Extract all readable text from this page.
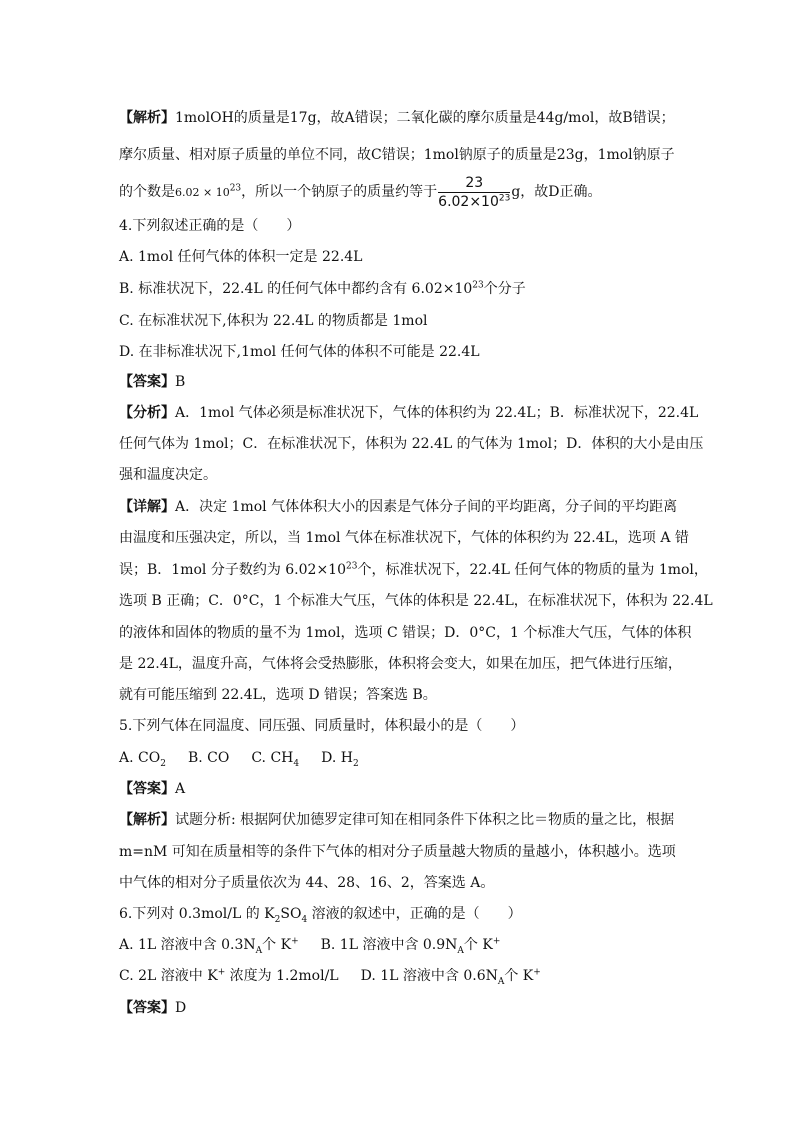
【解析】1molOH的质量是17g，故A错误；二氧化碳的摩尔质量是44g/mol，故B错误；
摩尔质量、相对原子质量的单位不同，故C错误；1mol钠原子的质量是23g，1mol钠原子
的个数是$6.02 \times 10^{23}$，所以一个钠原子的质量约等于 $\frac{23}{6.02\times 10^{23}}$ g，故D正确。
4.下列叙述正确的是（　　）
A. 1mol 任何气体的体积一定是 22.4L
B. 标准状况下，22.4L 的任何气体中都约含有 $6.02\times 10^{23}$个分子
C. 在标准状况下,体积为 22.4L 的物质都是 1mol
D. 在非标准状况下,1mol 任何气体的体积不可能是 22.4L
【答案】B
【分析】A．1mol 气体必须是标准状况下，气体的体积约为 22.4L；B．标准状况下，22.4L
任何气体为 1mol；C．在标准状况下，体积为 22.4L 的气体为 1mol；D．体积的大小是由压
强和温度决定。
【详解】A．决定 1mol 气体体积大小的因素是气体分子间的平均距离，分子间的平均距离
由温度和压强决定，所以，当 1mol 气体在标准状况下，气体的体积约为 22.4L，选项 A 错
误；B．1mol 分子数约为 $6.02\times 10^{23}$个，标准状况下，22.4L 任何气体的物质的量为 1mol，
选项 B 正确；C．0°C，1 个标准大气压，气体的体积是 22.4L，在标准状况下，体积为 22.4L
的液体和固体的物质的量不为 1mol，选项 C 错误；D．0°C，1 个标准大气压，气体的体积
是 22.4L，温度升高，气体将会受热膨胀，体积将会变大，如果在加压，把气体进行压缩，
就有可能压缩到 22.4L，选项 D 错误；答案选 B。
5.下列气体在同温度、同压强、同质量时，体积最小的是（　　）
A. $CO_2$ B. CO C. $CH_4$ D. $H_2$
【答案】A
【解析】试题分析: 根据阿伏加德罗定律可知在相同条件下体积之比＝物质的量之比，根据
m=nM 可知在质量相等的条件下气体的相对分子质量越大物质的量越小，体积越小。选项
中气体的相对分子质量依次为 44、28、16、2，答案选 A。
6.下列对 0.3mol/L 的 $K_2SO_4$ 溶液的叙述中，正确的是（　　）
A. 1L 溶液中含 $0.3N_A$个 K+ B. 1L 溶液中含 $0.9N_A$个 K+
C. 2L 溶液中 K+ 浓度为 1.2mol/L D. 1L 溶液中含 $0.6N_A$个 K+
【答案】D
